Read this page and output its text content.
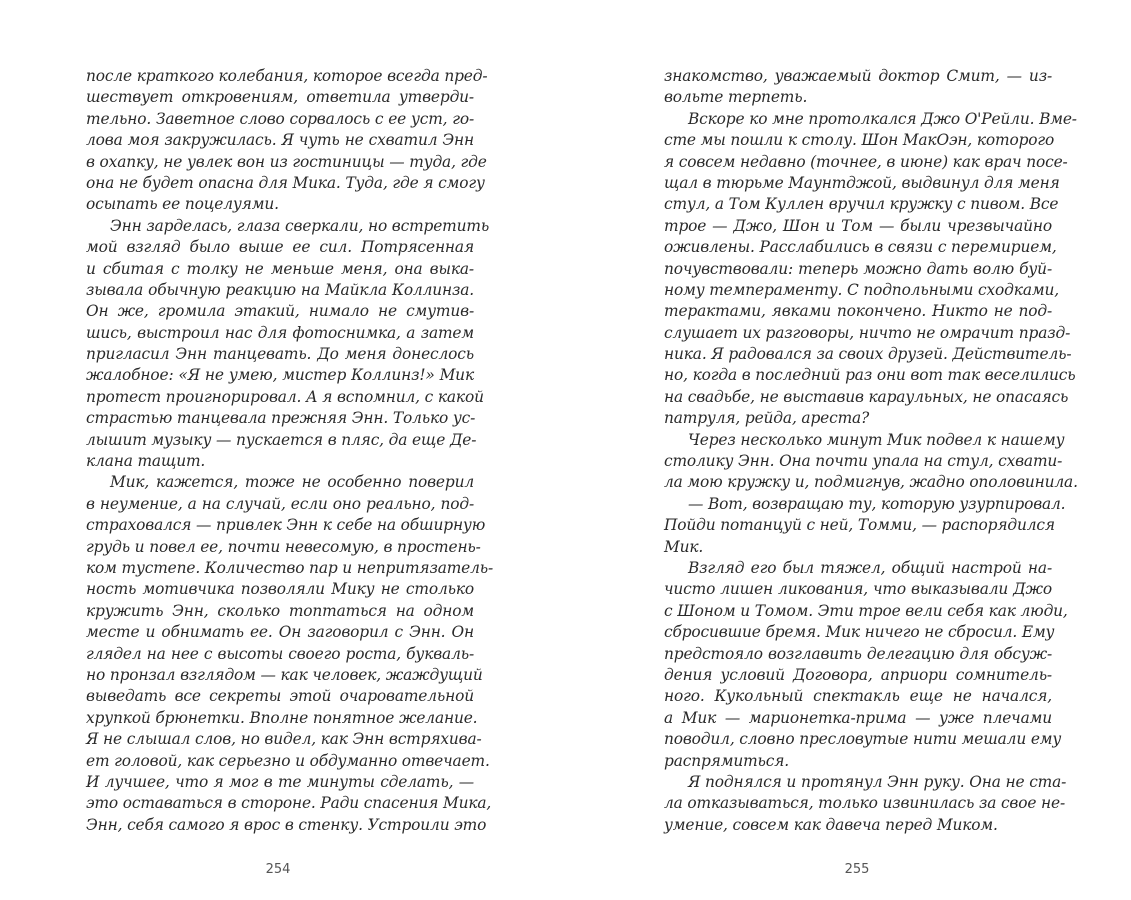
после краткого колебания, которое всегда пред-
шествует откровениям, ответила утверди-
тельно. Заветное слово сорвалось с ее уст, го-
лова моя закружилась. Я чуть не схватил Энн
в охапку, не увлек вон из гостиницы — туда, где
она не будет опасна для Мика. Туда, где я смогу
осыпать ее поцелуями.
Энн зарделась, глаза сверкали, но встретить
мой взгляд было выше ее сил. Потрясенная
и сбитая с толку не меньше меня, она выка-
зывала обычную реакцию на Майкла Коллинза.
Он же, громила этакий, нимало не смутив-
шись, выстроил нас для фотоснимка, а затем
пригласил Энн танцевать. До меня донеслось
жалобное: «Я не умею, мистер Коллинз!» Мик
протест проигнорировал. А я вспомнил, с какой
страстью танцевала прежняя Энн. Только ус-
лышит музыку — пускается в пляс, да еще Де-
клана тащит.
Мик, кажется, тоже не особенно поверил
в неумение, а на случай, если оно реально, под-
страховался — привлек Энн к себе на обширную
грудь и повел ее, почти невесомую, в простень-
ком тустепе. Количество пар и непритязатель-
ность мотивчика позволяли Мику не столько
кружить Энн, сколько топтаться на одном
месте и обнимать ее. Он заговорил с Энн. Он
глядел на нее с высоты своего роста, букваль-
но пронзал взглядом — как человек, жаждущий
выведать все секреты этой очаровательной
хрупкой брюнетки. Вполне понятное желание.
Я не слышал слов, но видел, как Энн встряхива-
ет головой, как серьезно и обдуманно отвечает.
И лучшее, что я мог в те минуты сделать, —
это оставаться в стороне. Ради спасения Мика,
Энн, себя самого я врос в стенку. Устроили это
254
знакомство, уважаемый доктор Смит, — из-
вольте терпеть.
Вскоре ко мне протолкался Джо О'Рейли. Вме-
сте мы пошли к столу. Шон МакОэн, которого
я совсем недавно (точнее, в июне) как врач посе-
щал в тюрьме Маунтджой, выдвинул для меня
стул, а Том Куллен вручил кружку с пивом. Все
трое — Джо, Шон и Том — были чрезвычайно
оживлены. Расслабились в связи с перемирием,
почувствовали: теперь можно дать волю буй-
ному темпераменту. С подпольными сходками,
терактами, явками покончено. Никто не под-
слушает их разговоры, ничто не омрачит празд-
ника. Я радовался за своих друзей. Действитель-
но, когда в последний раз они вот так веселились
на свадьбе, не выставив караульных, не опасаясь
патруля, рейда, ареста?
Через несколько минут Мик подвел к нашему
столику Энн. Она почти упала на стул, схвати-
ла мою кружку и, подмигнув, жадно ополовинила.
— Вот, возвращаю ту, которую узурпировал.
Пойди потанцуй с ней, Томми, — распорядился
Мик.
Взгляд его был тяжел, общий настрой на-
чисто лишен ликования, что выказывали Джо
с Шоном и Томом. Эти трое вели себя как люди,
сбросившие бремя. Мик ничего не сбросил. Ему
предстояло возглавить делегацию для обсуж-
дения условий Договора, априори сомнитель-
ного. Кукольный спектакль еще не начался,
а Мик — марионетка-прима — уже плечами
поводил, словно пресловутые нити мешали ему
распрямиться.
Я поднялся и протянул Энн руку. Она не ста-
ла отказываться, только извинилась за свое не-
умение, совсем как давеча перед Миком.
255
